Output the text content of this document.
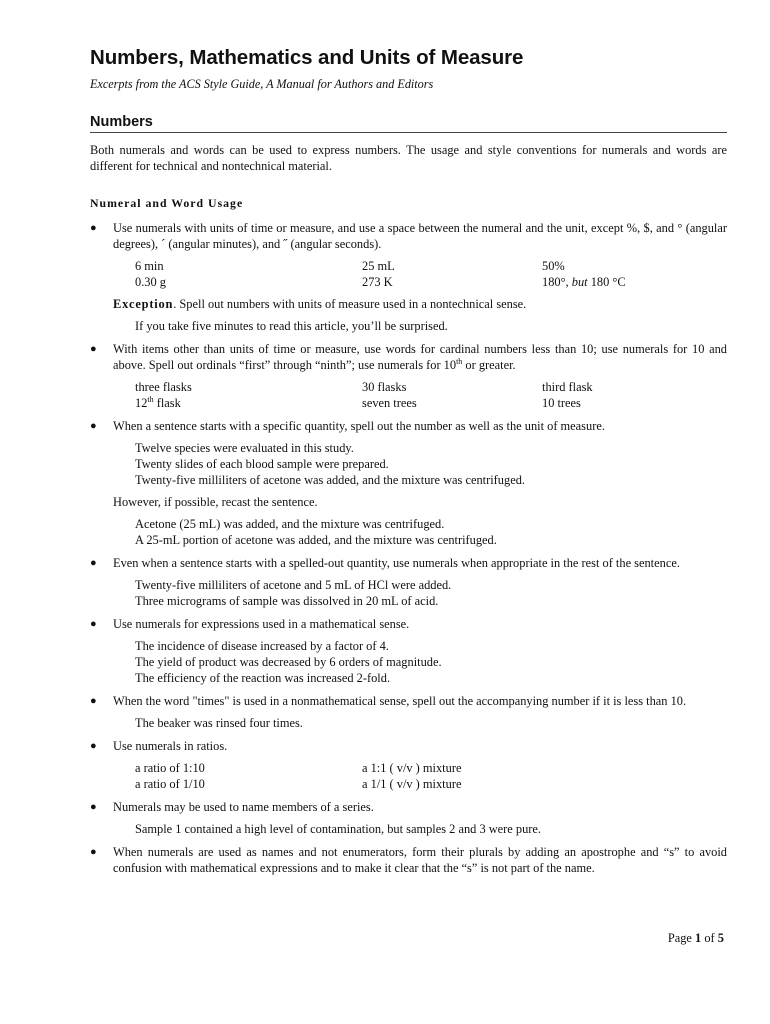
Numbers, Mathematics and Units of Measure
Excerpts from the ACS Style Guide, A Manual for Authors and Editors
Numbers
Both numerals and words can be used to express numbers. The usage and style conventions for numerals and words are different for technical and nontechnical material.
Numeral and Word Usage
● Use numerals with units of time or measure, and use a space between the numeral and the unit, except %, $, and ° (angular degrees), ´ (angular minutes), and ˝ (angular seconds).
6 min	25 mL	50%
0.30 g	273 K	180°, but 180 °C
Exception. Spell out numbers with units of measure used in a nontechnical sense.
If you take five minutes to read this article, you’ll be surprised.
● With items other than units of time or measure, use words for cardinal numbers less than 10; use numerals for 10 and above. Spell out ordinals “first” through “ninth”; use numerals for 10th or greater.
three flasks	30 flasks	third flask
12th flask	seven trees	10 trees
● When a sentence starts with a specific quantity, spell out the number as well as the unit of measure.
Twelve species were evaluated in this study.
Twenty slides of each blood sample were prepared.
Twenty-five milliliters of acetone was added, and the mixture was centrifuged.
However, if possible, recast the sentence.
Acetone (25 mL) was added, and the mixture was centrifuged.
A 25-mL portion of acetone was added, and the mixture was centrifuged.
● Even when a sentence starts with a spelled-out quantity, use numerals when appropriate in the rest of the sentence.
Twenty-five milliliters of acetone and 5 mL of HCl were added.
Three micrograms of sample was dissolved in 20 mL of acid.
● Use numerals for expressions used in a mathematical sense.
The incidence of disease increased by a factor of 4.
The yield of product was decreased by 6 orders of magnitude.
The efficiency of the reaction was increased 2-fold.
● When the word "times" is used in a nonmathematical sense, spell out the accompanying number if it is less than 10.
The beaker was rinsed four times.
● Use numerals in ratios.
a ratio of 1:10	a 1:1 ( v/v ) mixture
a ratio of 1/10	a 1/1 ( v/v ) mixture
● Numerals may be used to name members of a series.
Sample 1 contained a high level of contamination, but samples 2 and 3 were pure.
● When numerals are used as names and not enumerators, form their plurals by adding an apostrophe and “s” to avoid confusion with mathematical expressions and to make it clear that the “s” is not part of the name.
Page 1 of 5
